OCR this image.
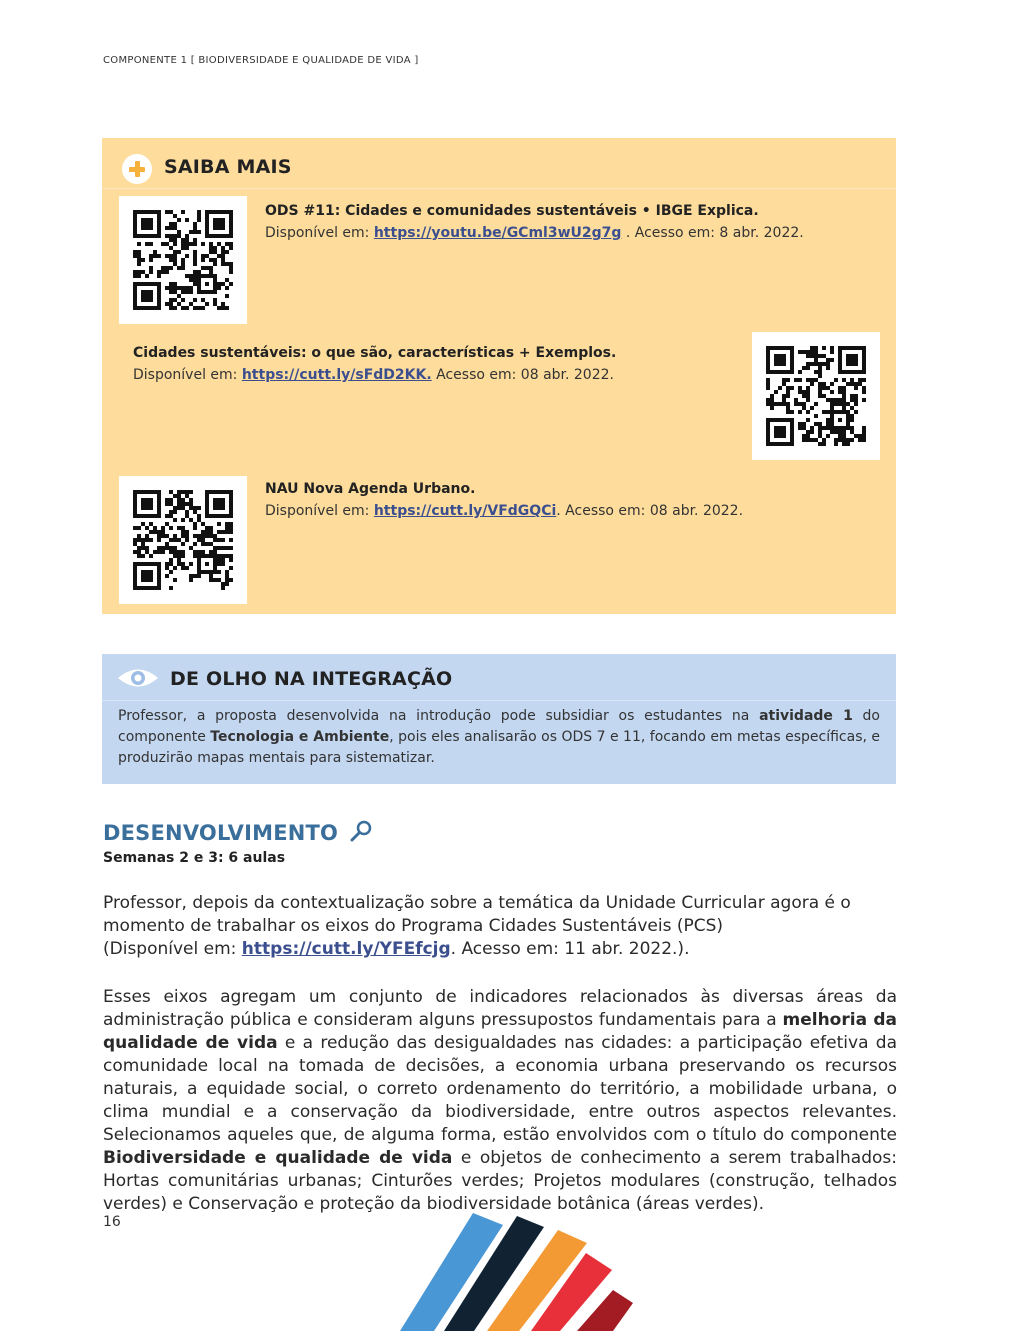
COMPONENTE 1 [ BIODIVERSIDADE E QUALIDADE DE VIDA ]
SAIBA MAIS
ODS #11: Cidades e comunidades sustentáveis • IBGE Explica.
Disponível em: https://youtu.be/GCml3wU2g7g . Acesso em: 8 abr. 2022.
Cidades sustentáveis: o que são, características + Exemplos.
Disponível em: https://cutt.ly/sFdD2KK. Acesso em: 08 abr. 2022.
NAU Nova Agenda Urbano.
Disponível em: https://cutt.ly/VFdGQCi. Acesso em: 08 abr. 2022.
DE OLHO NA INTEGRAÇÃO
Professor, a proposta desenvolvida na introdução pode subsidiar os estudantes na atividade 1 do componente Tecnologia e Ambiente, pois eles analisarão os ODS 7 e 11, focando em metas específicas, e produzirão mapas mentais para sistematizar.
DESENVOLVIMENTO
Semanas 2 e 3: 6 aulas
Professor, depois da contextualização sobre a temática da Unidade Curricular agora é o momento de trabalhar os eixos do Programa Cidades Sustentáveis (PCS)
(Disponível em: https://cutt.ly/YFEfcjg. Acesso em: 11 abr. 2022.).
Esses eixos agregam um conjunto de indicadores relacionados às diversas áreas da administração pública e consideram alguns pressupostos fundamentais para a melhoria da qualidade de vida e a redução das desigualdades nas cidades: a participação efetiva da comunidade local na tomada de decisões, a economia urbana preservando os recursos naturais, a equidade social, o correto ordenamento do território, a mobilidade urbana, o clima mundial e a conservação da biodiversidade, entre outros aspectos relevantes. Selecionamos aqueles que, de alguma forma, estão envolvidos com o título do componente Biodiversidade e qualidade de vida e objetos de conhecimento a serem trabalhados: Hortas comunitárias urbanas; Cinturões verdes; Projetos modulares (construção, telhados verdes) e Conservação e proteção da biodiversidade botânica (áreas verdes).
16
